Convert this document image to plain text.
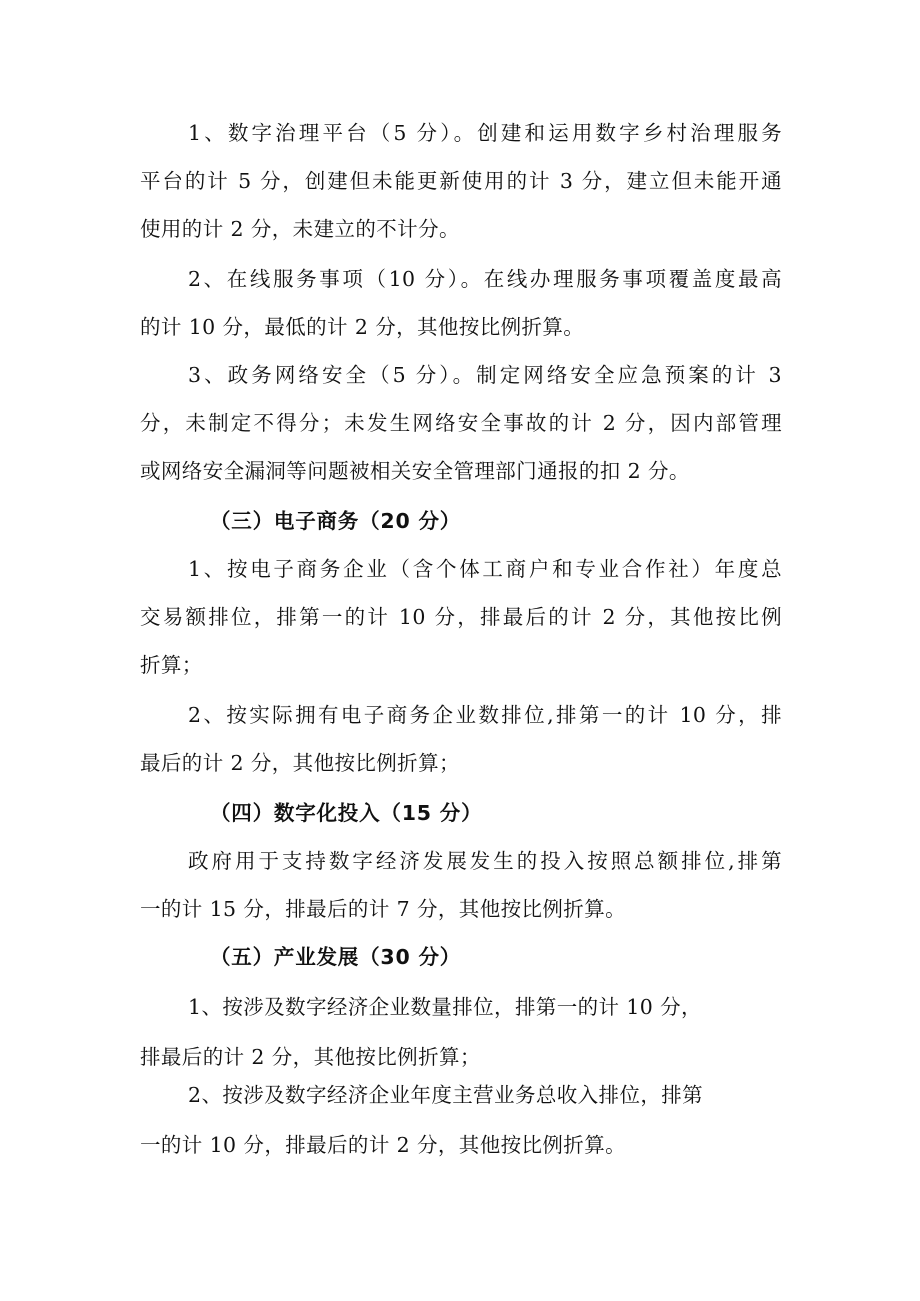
1、数字治理平台（5 分）。创建和运用数字乡村治理服务
平台的计 5 分，创建但未能更新使用的计 3 分，建立但未能开通
使用的计 2 分，未建立的不计分。
2、在线服务事项（10 分）。在线办理服务事项覆盖度最高
的计 10 分，最低的计 2 分，其他按比例折算。
3、政务网络安全（5 分）。制定网络安全应急预案的计 3
分，未制定不得分；未发生网络安全事故的计 2 分，因内部管理
或网络安全漏洞等问题被相关安全管理部门通报的扣 2 分。
（三）电子商务（20 分）
1、按电子商务企业（含个体工商户和专业合作社）年度总
交易额排位，排第一的计 10 分，排最后的计 2 分，其他按比例
折算；
2、按实际拥有电子商务企业数排位,排第一的计 10 分，排
最后的计 2 分，其他按比例折算；
（四）数字化投入（15 分）
政府用于支持数字经济发展发生的投入按照总额排位,排第
一的计 15 分，排最后的计 7 分，其他按比例折算。
（五）产业发展（30 分）
1、按涉及数字经济企业数量排位，排第一的计 10 分，
排最后的计 2 分，其他按比例折算；
2、按涉及数字经济企业年度主营业务总收入排位，排第
一的计 10 分，排最后的计 2 分，其他按比例折算。
